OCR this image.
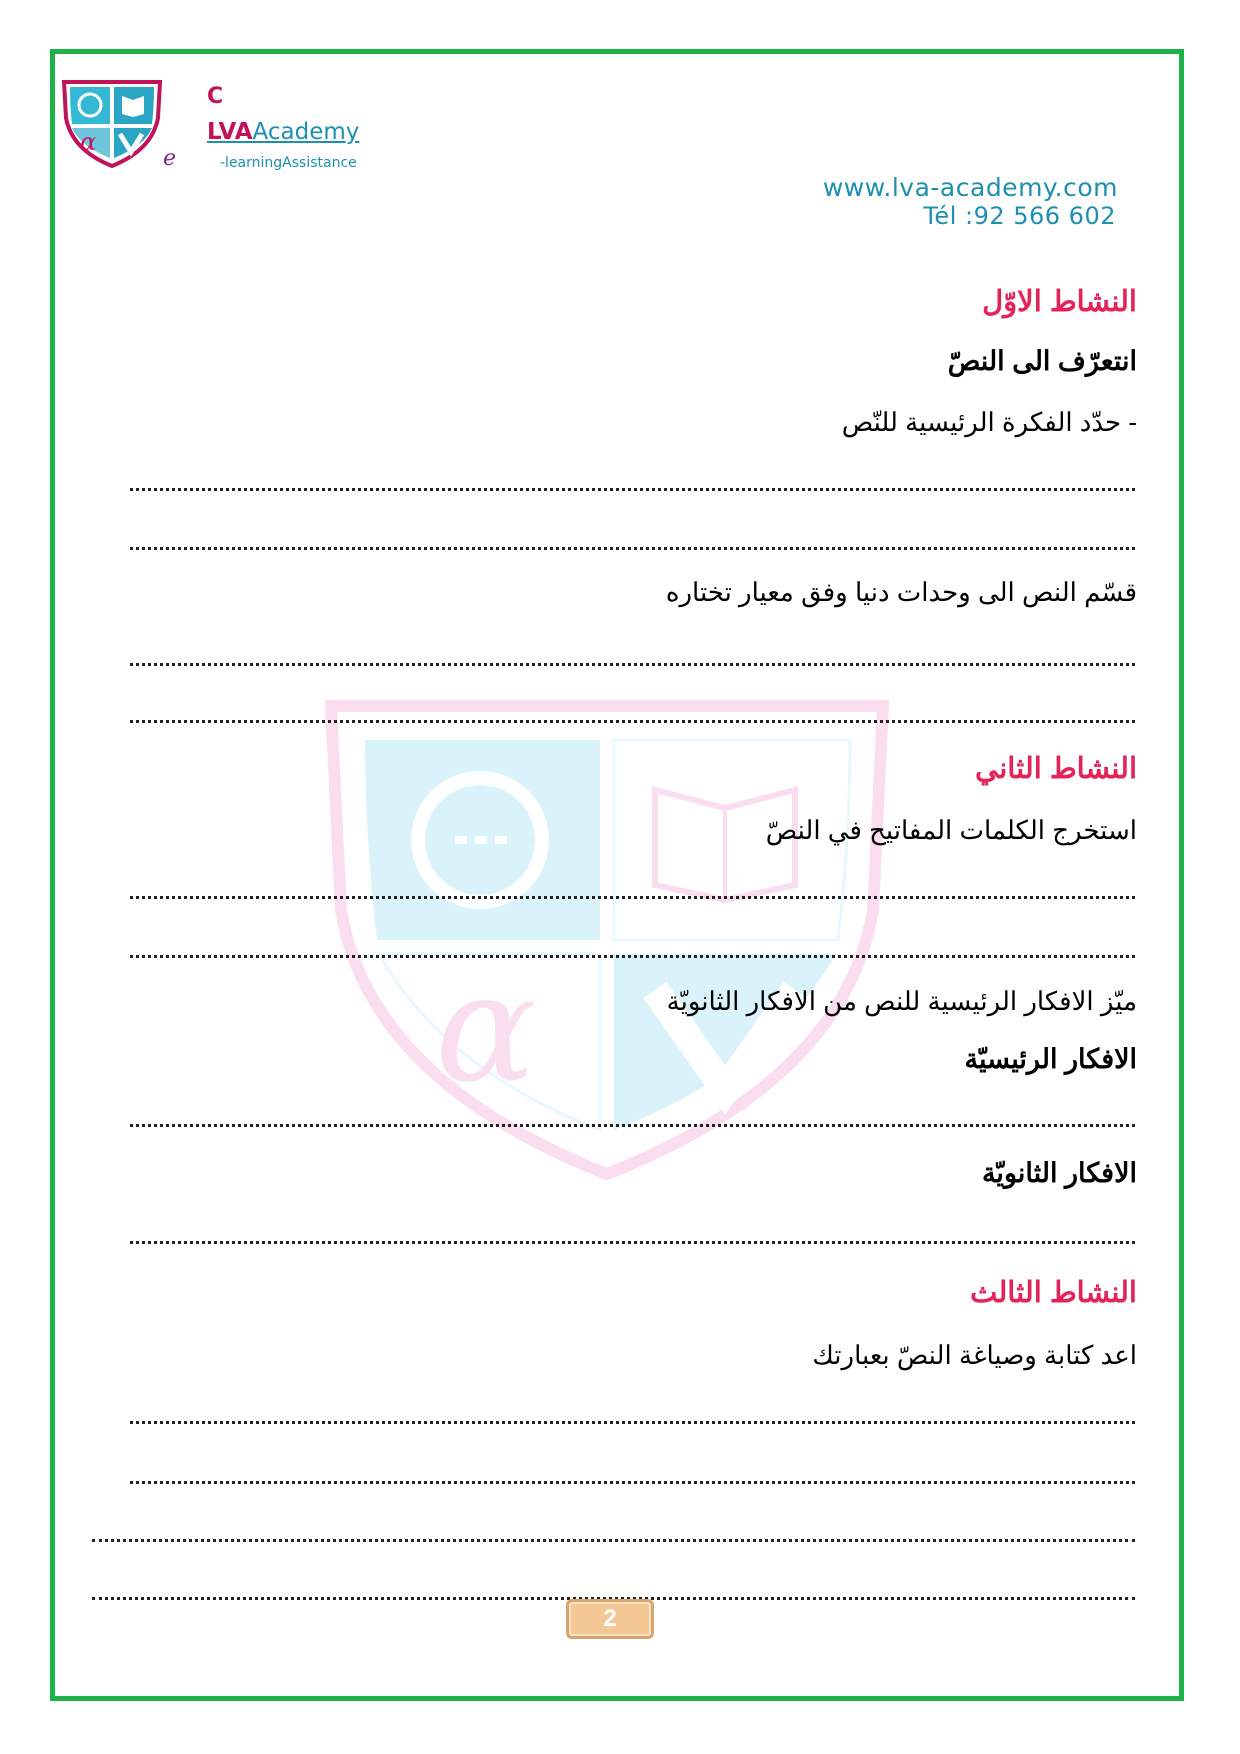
α
e
C
LVAAcademy
-learningAssistance
www.lva-academy.com
Tél :92 566 602
α
النشاط الاوّل
انتعرّف الى النصّ
- حدّد الفكرة الرئيسية للنّص
قسّم النص الى وحدات دنيا وفق معيار تختاره
النشاط الثاني
استخرج الكلمات المفاتيح في النصّ
ميّز الافكار الرئيسية للنص من الافكار الثانويّة
الافكار الرئيسيّة
الافكار الثانويّة
النشاط الثالث
اعد كتابة وصياغة النصّ بعبارتك
2
